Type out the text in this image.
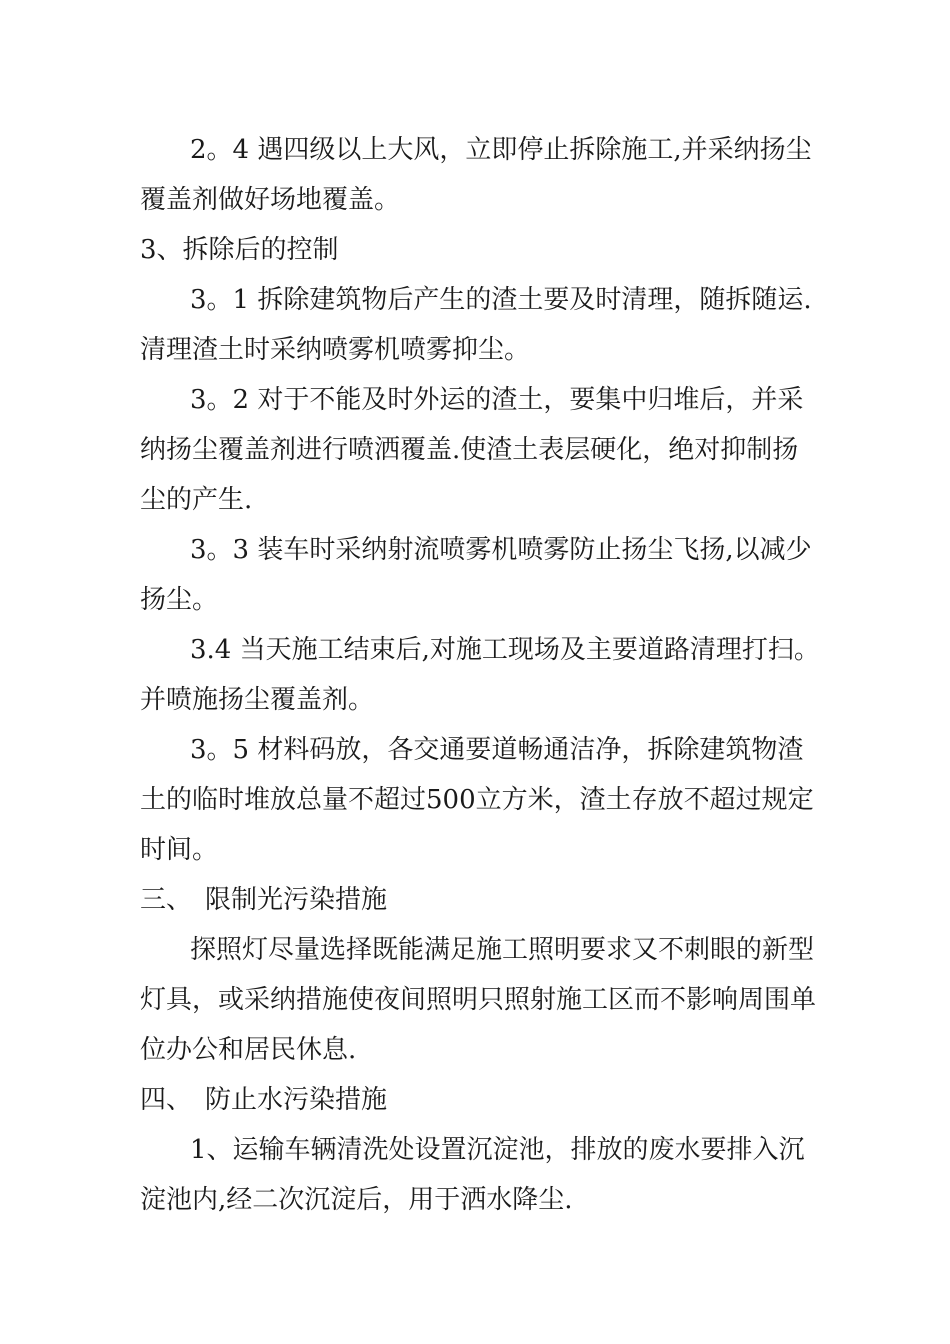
2。4 遇四级以上大风，立即停止拆除施工,并采纳扬尘
覆盖剂做好场地覆盖。
3、拆除后的控制
3。1 拆除建筑物后产生的渣土要及时清理，随拆随运.
清理渣土时采纳喷雾机喷雾抑尘。
3。2 对于不能及时外运的渣土，要集中归堆后，并采
纳扬尘覆盖剂进行喷洒覆盖.使渣土表层硬化，绝对抑制扬
尘的产生.
3。3 装车时采纳射流喷雾机喷雾防止扬尘飞扬,以减少
扬尘。
3.4 当天施工结束后,对施工现场及主要道路清理打扫。
并喷施扬尘覆盖剂。
3。5 材料码放，各交通要道畅通洁净，拆除建筑物渣
土的临时堆放总量不超过500立方米，渣土存放不超过规定
时间。
三、　限制光污染措施
探照灯尽量选择既能满足施工照明要求又不刺眼的新型
灯具，或采纳措施使夜间照明只照射施工区而不影响周围单
位办公和居民休息.
四、　防止水污染措施
1、运输车辆清洗处设置沉淀池，排放的废水要排入沉
淀池内,经二次沉淀后，用于洒水降尘.
